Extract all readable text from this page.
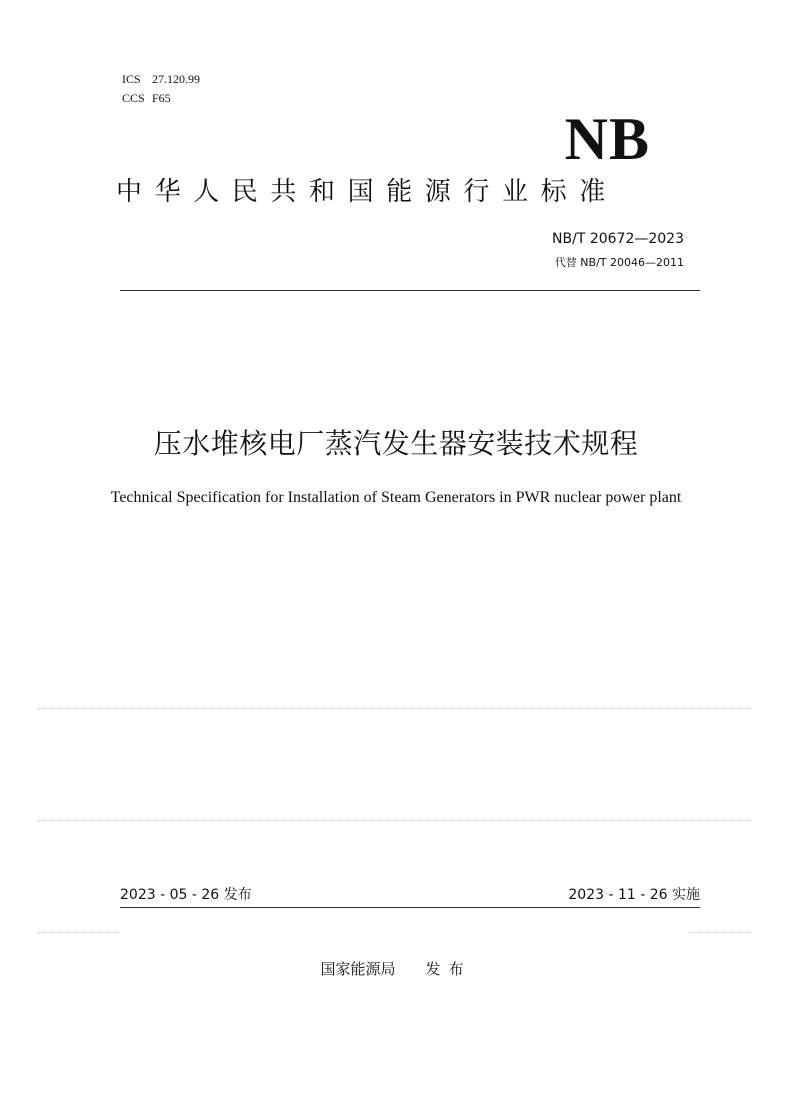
ICS 27.120.99
CCS F65
NB
中华人民共和国能源行业标准
NB/T 20672—2023
代替 NB/T 20046—2011
压水堆核电厂蒸汽发生器安装技术规程
Technical Specification for Installation of Steam Generators in PWR nuclear power plant
2023 - 05 - 26 发布	2023 - 11 - 26 实施
国家能源局 发布
